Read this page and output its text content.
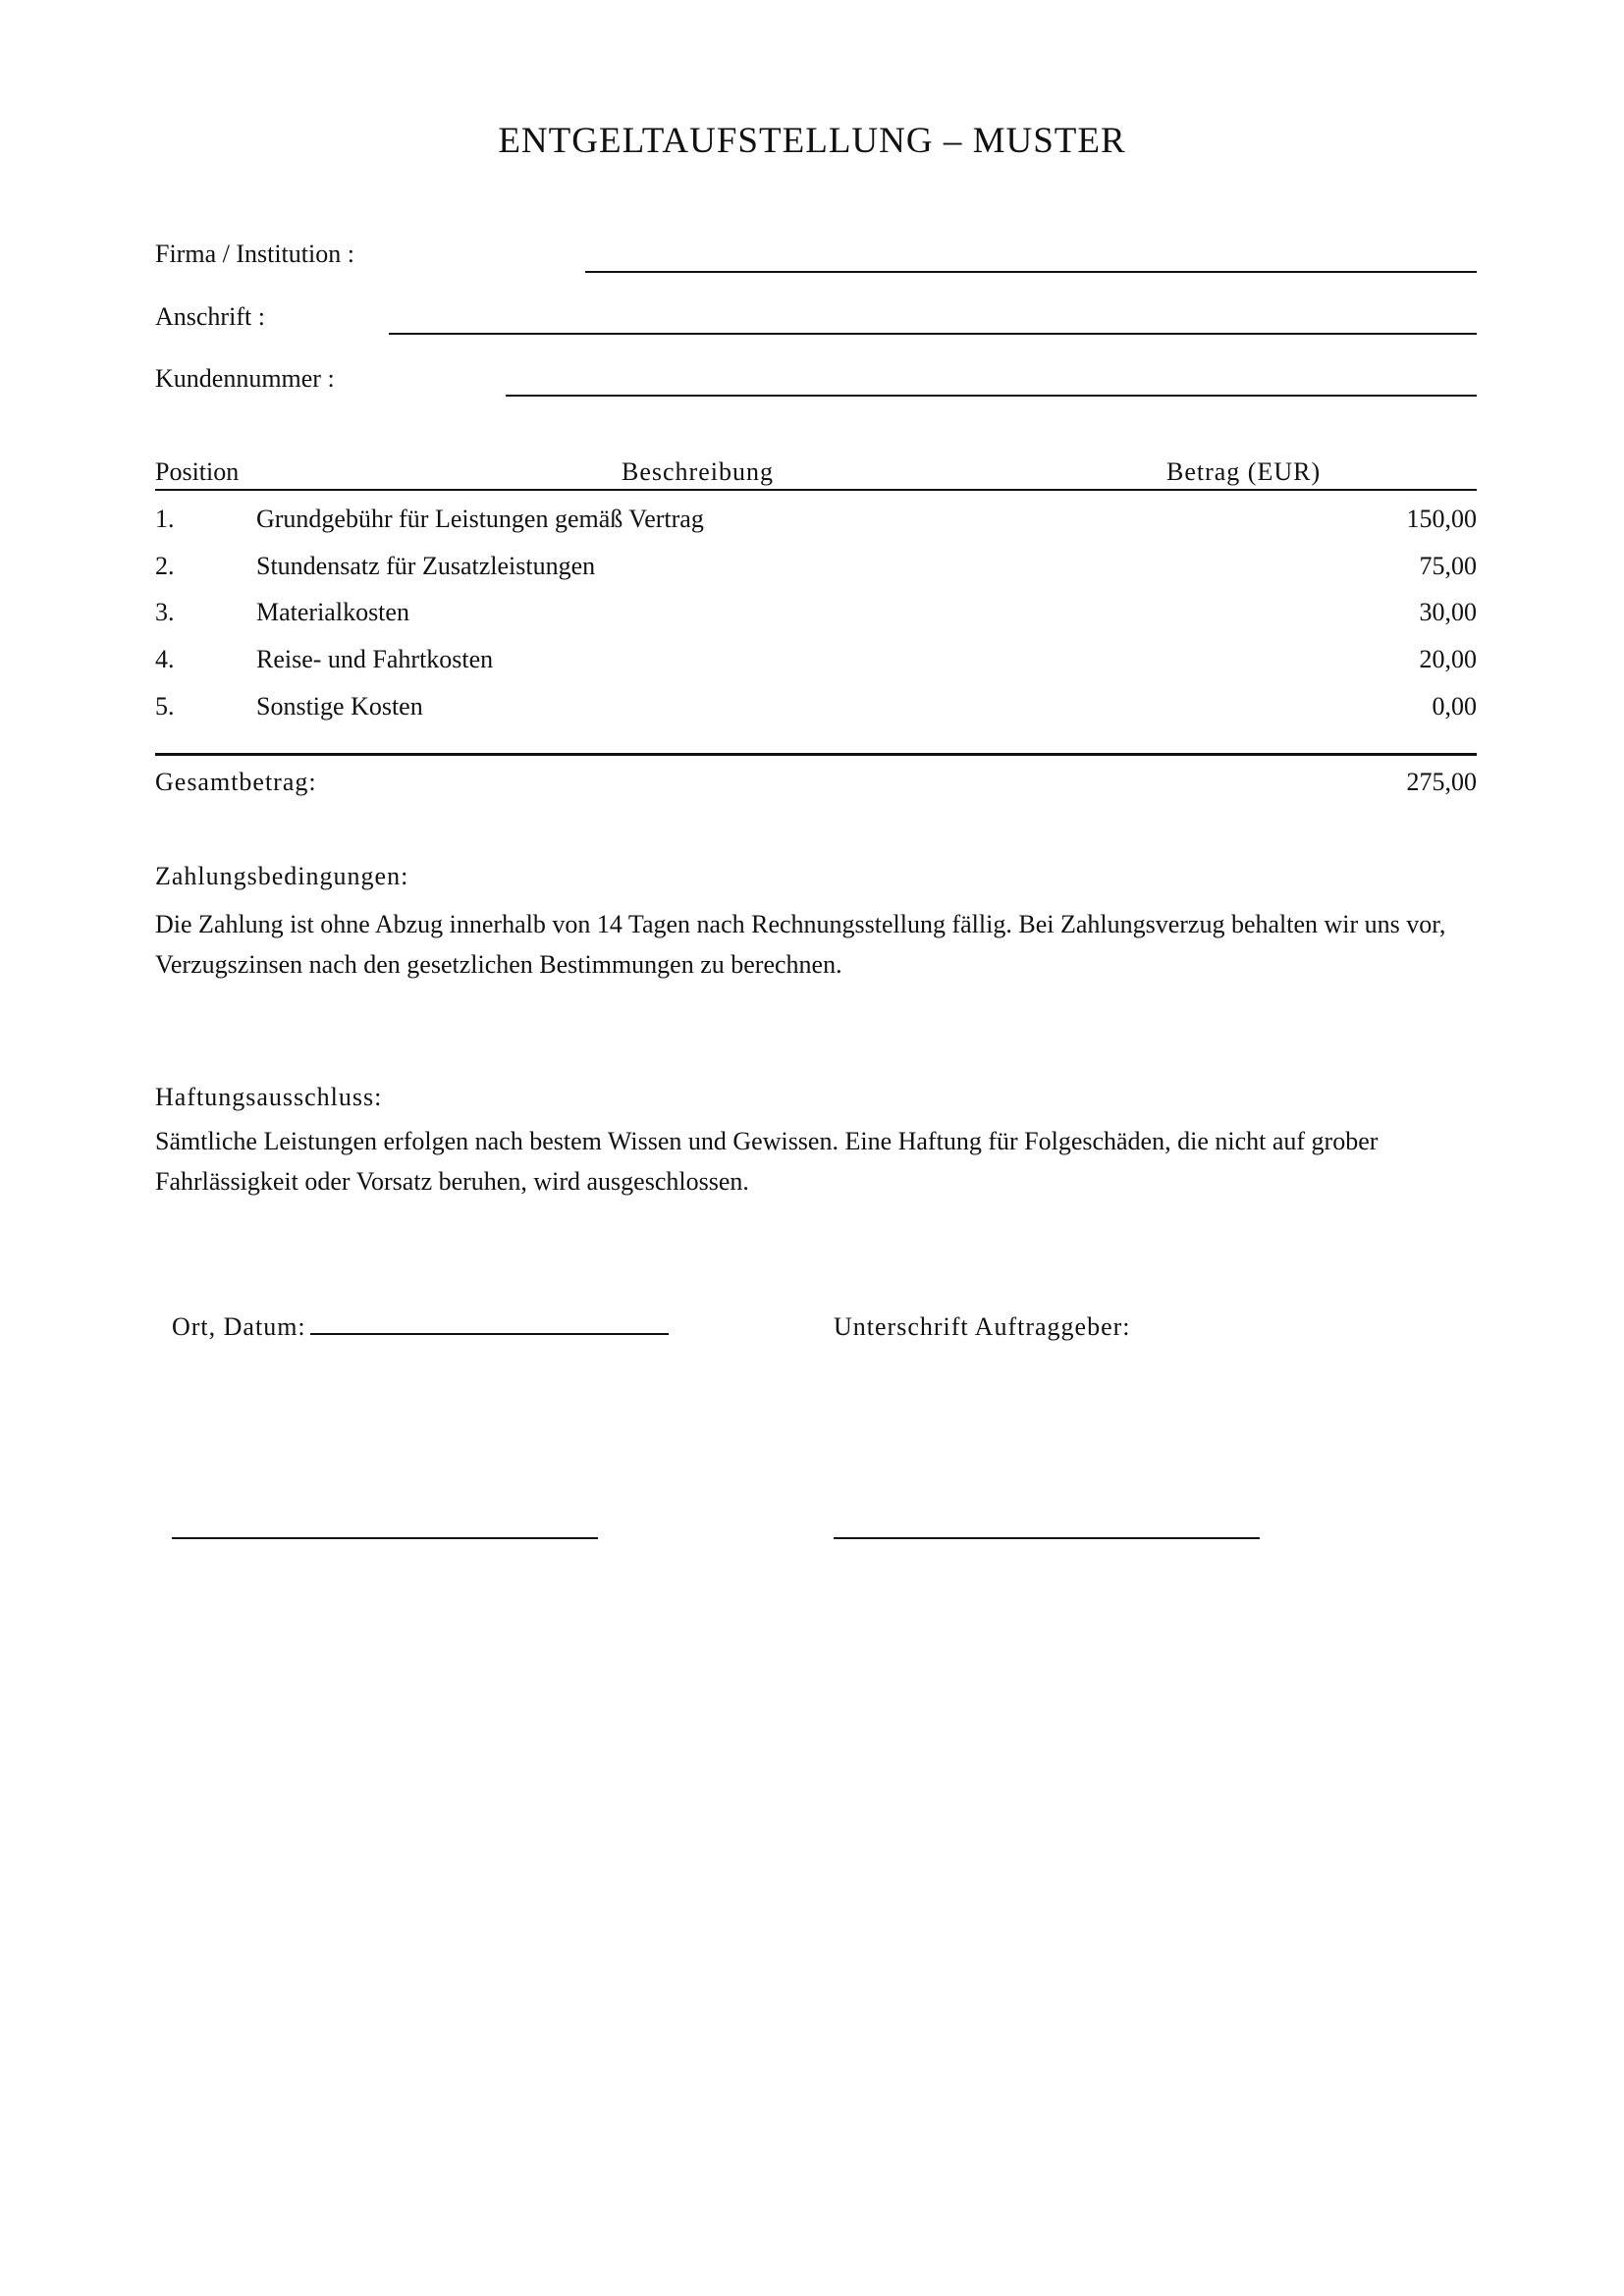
ENTGELTAUFSTELLUNG – MUSTER
Firma / Institution :
Anschrift :
Kundennummer :
Position	Beschreibung	Betrag (EUR)
1.	Grundgebühr für Leistungen gemäß Vertrag	150,00
2.	Stundensatz für Zusatzleistungen	75,00
3.	Materialkosten	30,00
4.	Reise- und Fahrtkosten	20,00
5.	Sonstige Kosten	0,00
Gesamtbetrag:	275,00
Zahlungsbedingungen:
Die Zahlung ist ohne Abzug innerhalb von 14 Tagen nach Rechnungsstellung fällig. Bei Zahlungsverzug behalten wir uns vor, Verzugszinsen nach den gesetzlichen Bestimmungen zu berechnen.
Haftungsausschluss:
Sämtliche Leistungen erfolgen nach bestem Wissen und Gewissen. Eine Haftung für Folgeschäden, die nicht auf grober Fahrlässigkeit oder Vorsatz beruhen, wird ausgeschlossen.
Ort, Datum:	Unterschrift Auftraggeber:
